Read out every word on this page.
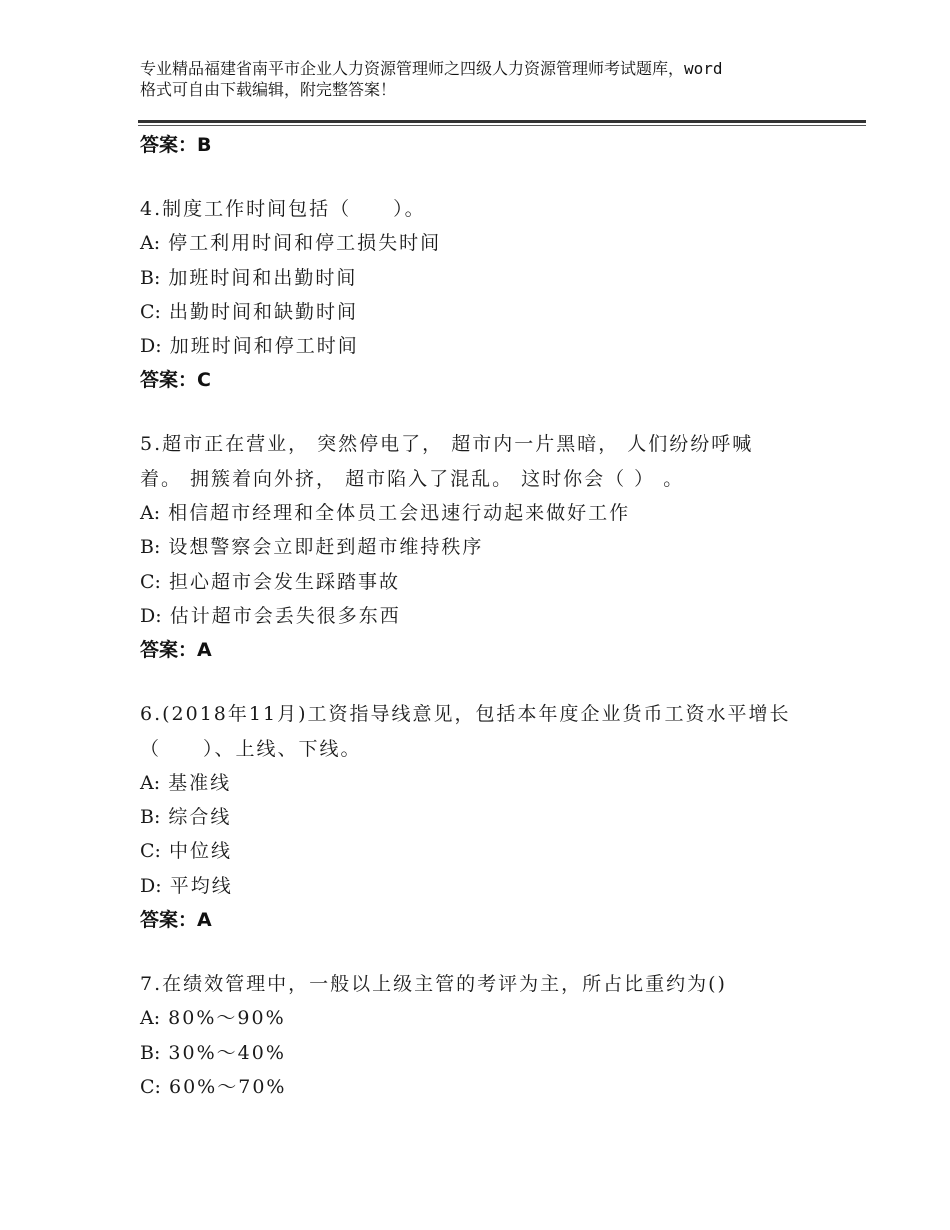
专业精品福建省南平市企业人力资源管理师之四级人力资源管理师考试题库，word
格式可自由下载编辑，附完整答案！
答案：B
4.制度工作时间包括（　　）。
A: 停工利用时间和停工损失时间
B: 加班时间和出勤时间
C: 出勤时间和缺勤时间
D: 加班时间和停工时间
答案：C
5.超市正在营业， 突然停电了， 超市内一片黑暗， 人们纷纷呼喊
着。 拥簇着向外挤， 超市陷入了混乱。 这时你会（ ） 。
A: 相信超市经理和全体员工会迅速行动起来做好工作
B: 设想警察会立即赶到超市维持秩序
C: 担心超市会发生踩踏事故
D: 估计超市会丢失很多东西
答案：A
6.(2018年11月)工资指导线意见，包括本年度企业货币工资水平增长
（　　）、上线、下线。
A: 基准线
B: 综合线
C: 中位线
D: 平均线
答案：A
7.在绩效管理中，一般以上级主管的考评为主，所占比重约为()
A: 80%～90%
B: 30%～40%
C: 60%～70%
